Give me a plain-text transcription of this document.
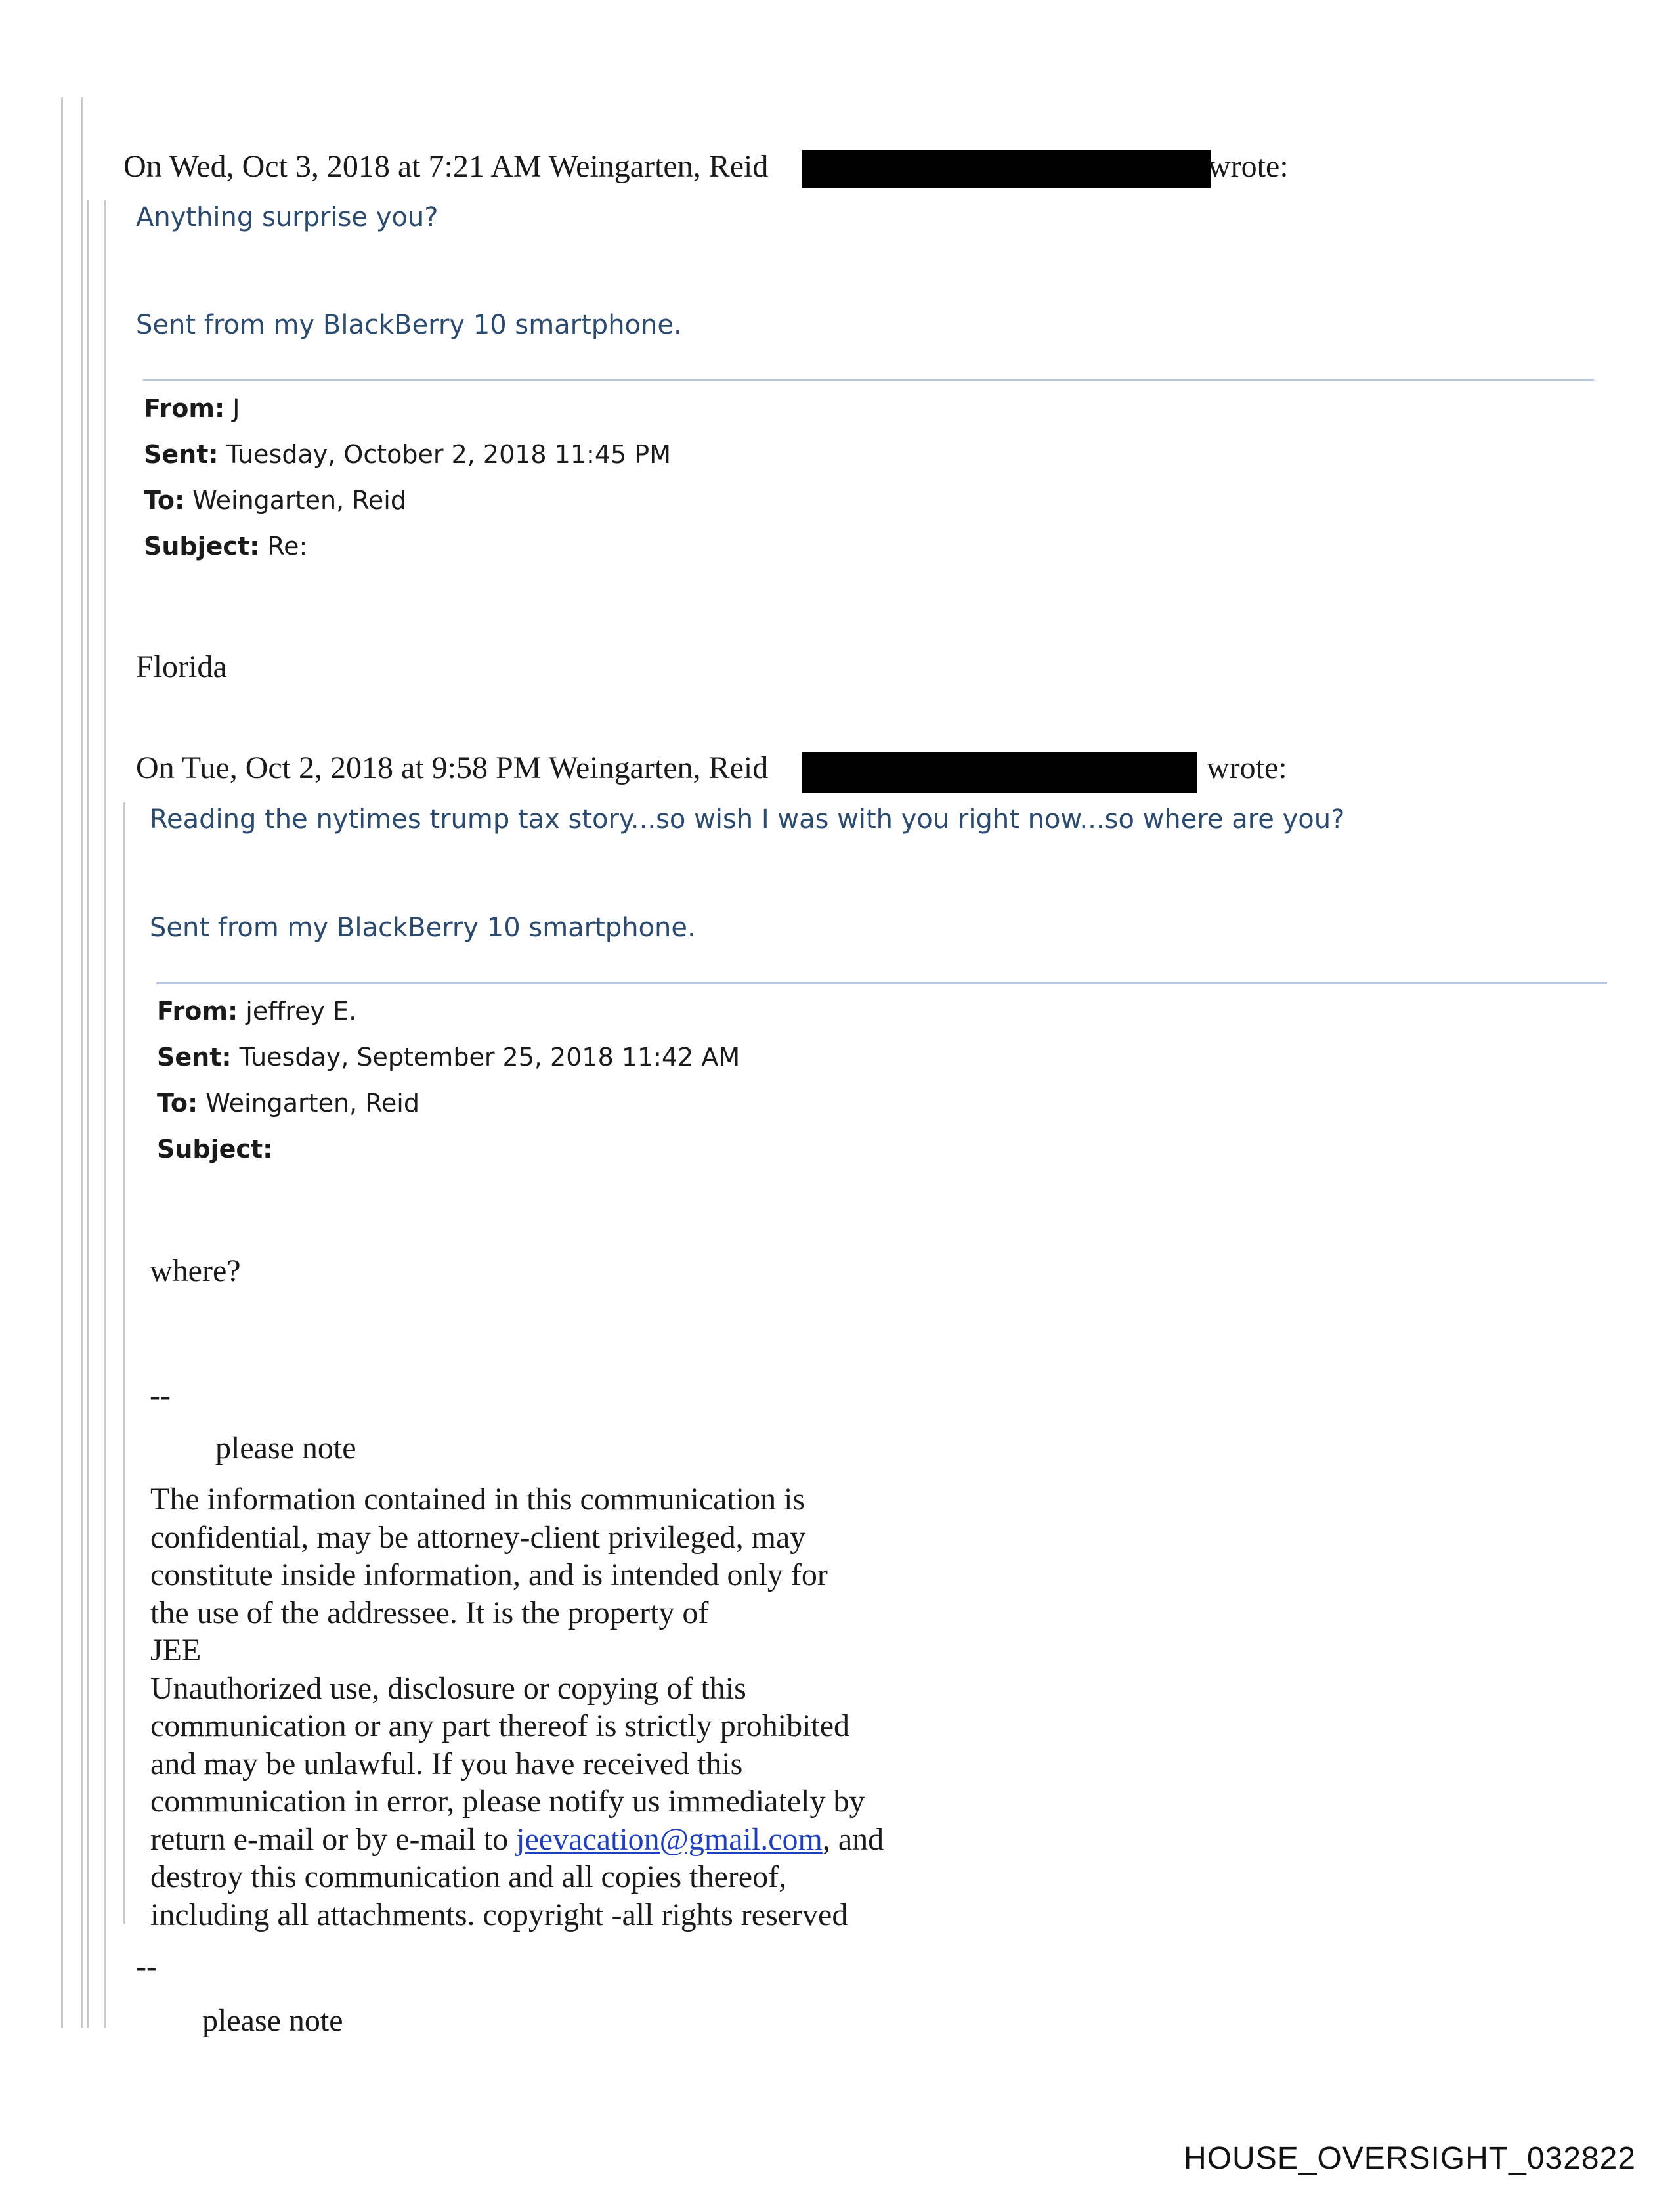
On Wed, Oct 3, 2018 at 7:21 AM Weingarten, Reid	wrote:
Anything surprise you?
Sent from my BlackBerry 10 smartphone.
From: J
Sent: Tuesday, October 2, 2018 11:45 PM
To: Weingarten, Reid
Subject: Re:
Florida
On Tue, Oct 2, 2018 at 9:58 PM Weingarten, Reid	wrote:
Reading the nytimes trump tax story...so wish I was with you right now...so where are you?
Sent from my BlackBerry 10 smartphone.
From: jeffrey E.
Sent: Tuesday, September 25, 2018 11:42 AM
To: Weingarten, Reid
Subject:
where?
--
please note
The information contained in this communication is
confidential, may be attorney-client privileged, may
constitute inside information, and is intended only for
the use of the addressee. It is the property of
JEE
Unauthorized use, disclosure or copying of this
communication or any part thereof is strictly prohibited
and may be unlawful. If you have received this
communication in error, please notify us immediately by
return e-mail or by e-mail to jeevacation@gmail.com, and
destroy this communication and all copies thereof,
including all attachments. copyright -all rights reserved
--
please note
HOUSE_OVERSIGHT_032822
